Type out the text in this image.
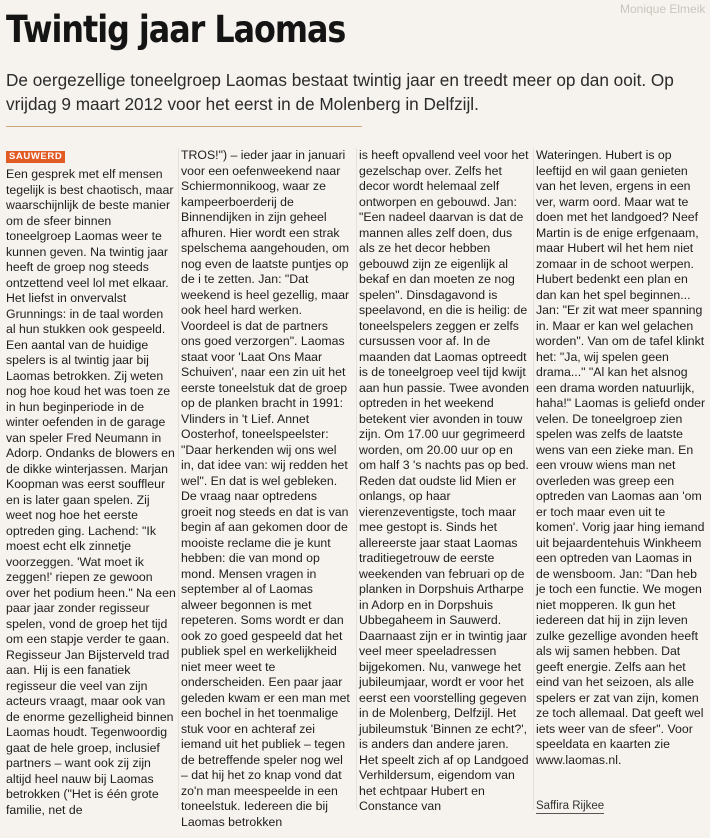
Monique Elmeik
Twintig jaar Laomas

De oergezellige toneelgroep Laomas bestaat twintig jaar en treedt meer op dan ooit. Op vrijdag 9 maart 2012 voor het eerst in de Molenberg in Delfzijl.

SAUWERD

Een gesprek met elf mensen tegelijk is best chaotisch, maar waarschijnlijk de beste manier om de sfeer binnen toneelgroep Laomas weer te kunnen geven. Na twintig jaar heeft de groep nog steeds ontzettend veel lol met elkaar. Het liefst in onvervalst Grunnings: in de taal worden al hun stukken ook gespeeld. Een aantal van de huidige spelers is al twintig jaar bij Laomas betrokken. Zij weten nog hoe koud het was toen ze in hun beginperiode in de winter oefenden in de garage van speler Fred Neumann in Adorp. Ondanks de blowers en de dikke winterjassen. Marjan Koopman was eerst souffleur en is later gaan spelen. Zij weet nog hoe het eerste optreden ging. Lachend: "Ik moest echt elk zinnetje voorzeggen. 'Wat moet ik zeggen!' riepen ze gewoon over het podium heen." Na een paar jaar zonder regisseur spelen, vond de groep het tijd om een stapje verder te gaan. Regisseur Jan Bijsterveld trad aan. Hij is een fanatiek regisseur die veel van zijn acteurs vraagt, maar ook van de enorme gezelligheid binnen Laomas houdt. Tegenwoordig gaat de hele groep, inclusief partners – want ook zij zijn altijd heel nauw bij Laomas betrokken ("Het is één grote familie, net de

TROS!") – ieder jaar in januari voor een oefenweekend naar Schiermonnikoog, waar ze kampeerboerderij de Binnendijken in zijn geheel afhuren. Hier wordt een strak spelschema aangehouden, om nog even de laatste puntjes op de i te zetten. Jan: "Dat weekend is heel gezellig, maar ook heel hard werken. Voordeel is dat de partners ons goed verzorgen". Laomas staat voor 'Laat Ons Maar Schuiven', naar een zin uit het eerste toneelstuk dat de groep op de planken bracht in 1991: Vlinders in 't Lief. Annet Oosterhof, toneelspeelster: "Daar herkenden wij ons wel in, dat idee van: wij redden het wel". En dat is wel gebleken. De vraag naar optredens groeit nog steeds en dat is van begin af aan gekomen door de mooiste reclame die je kunt hebben: die van mond op mond. Mensen vragen in september al of Laomas alweer begonnen is met repeteren. Soms wordt er dan ook zo goed gespeeld dat het publiek spel en werkelijkheid niet meer weet te onderscheiden. Een paar jaar geleden kwam er een man met een bochel in het toenmalige stuk voor en achteraf zei iemand uit het publiek – tegen de betreffende speler nog wel – dat hij het zo knap vond dat zo'n man meespeelde in een toneelstuk. Iedereen die bij Laomas betrokken

is heeft opvallend veel voor het gezelschap over. Zelfs het decor wordt helemaal zelf ontworpen en gebouwd. Jan: "Een nadeel daarvan is dat de mannen alles zelf doen, dus als ze het decor hebben gebouwd zijn ze eigenlijk al bekaf en dan moeten ze nog spelen". Dinsdagavond is speelavond, en die is heilig: de toneelspelers zeggen er zelfs cursussen voor af. In de maanden dat Laomas optreedt is de toneelgroep veel tijd kwijt aan hun passie. Twee avonden optreden in het weekend betekent vier avonden in touw zijn. Om 17.00 uur gegrimeerd worden, om 20.00 uur op en om half 3 's nachts pas op bed. Reden dat oudste lid Mien er onlangs, op haar vierenzeventigste, toch maar mee gestopt is. Sinds het allereerste jaar staat Laomas traditiegetrouw de eerste weekenden van februari op de planken in Dorpshuis Artharpe in Adorp en in Dorpshuis Ubbegaheem in Sauwerd. Daarnaast zijn er in twintig jaar veel meer speeladressen bijgekomen. Nu, vanwege het jubileumjaar, wordt er voor het eerst een voorstelling gegeven in de Molenberg, Delfzijl. Het jubileumstuk 'Binnen ze echt?', is anders dan andere jaren. Het speelt zich af op Landgoed Verhildersum, eigendom van het echtpaar Hubert en Constance van

Wateringen. Hubert is op leeftijd en wil gaan genieten van het leven, ergens in een ver, warm oord. Maar wat te doen met het landgoed? Neef Martin is de enige erfgenaam, maar Hubert wil het hem niet zomaar in de schoot werpen. Hubert bedenkt een plan en dan kan het spel beginnen... Jan: "Er zit wat meer spanning in. Maar er kan wel gelachen worden". Van om de tafel klinkt het: "Ja, wij spelen geen drama..." "Al kan het alsnog een drama worden natuurlijk, haha!" Laomas is geliefd onder velen. De toneelgroep zien spelen was zelfs de laatste wens van een zieke man. En een vrouw wiens man net overleden was greep een optreden van Laomas aan 'om er toch maar even uit te komen'. Vorig jaar hing iemand uit bejaardentehuis Winkheem een optreden van Laomas in de wensboom. Jan: "Dan heb je toch een functie. We mogen niet mopperen. Ik gun het iedereen dat hij in zijn leven zulke gezellige avonden heeft als wij samen hebben. Dat geeft energie. Zelfs aan het eind van het seizoen, als alle spelers er zat van zijn, komen ze toch allemaal. Dat geeft wel iets weer van de sfeer". Voor speeldata en kaarten zie www.laomas.nl.

Saffira Rijkee
